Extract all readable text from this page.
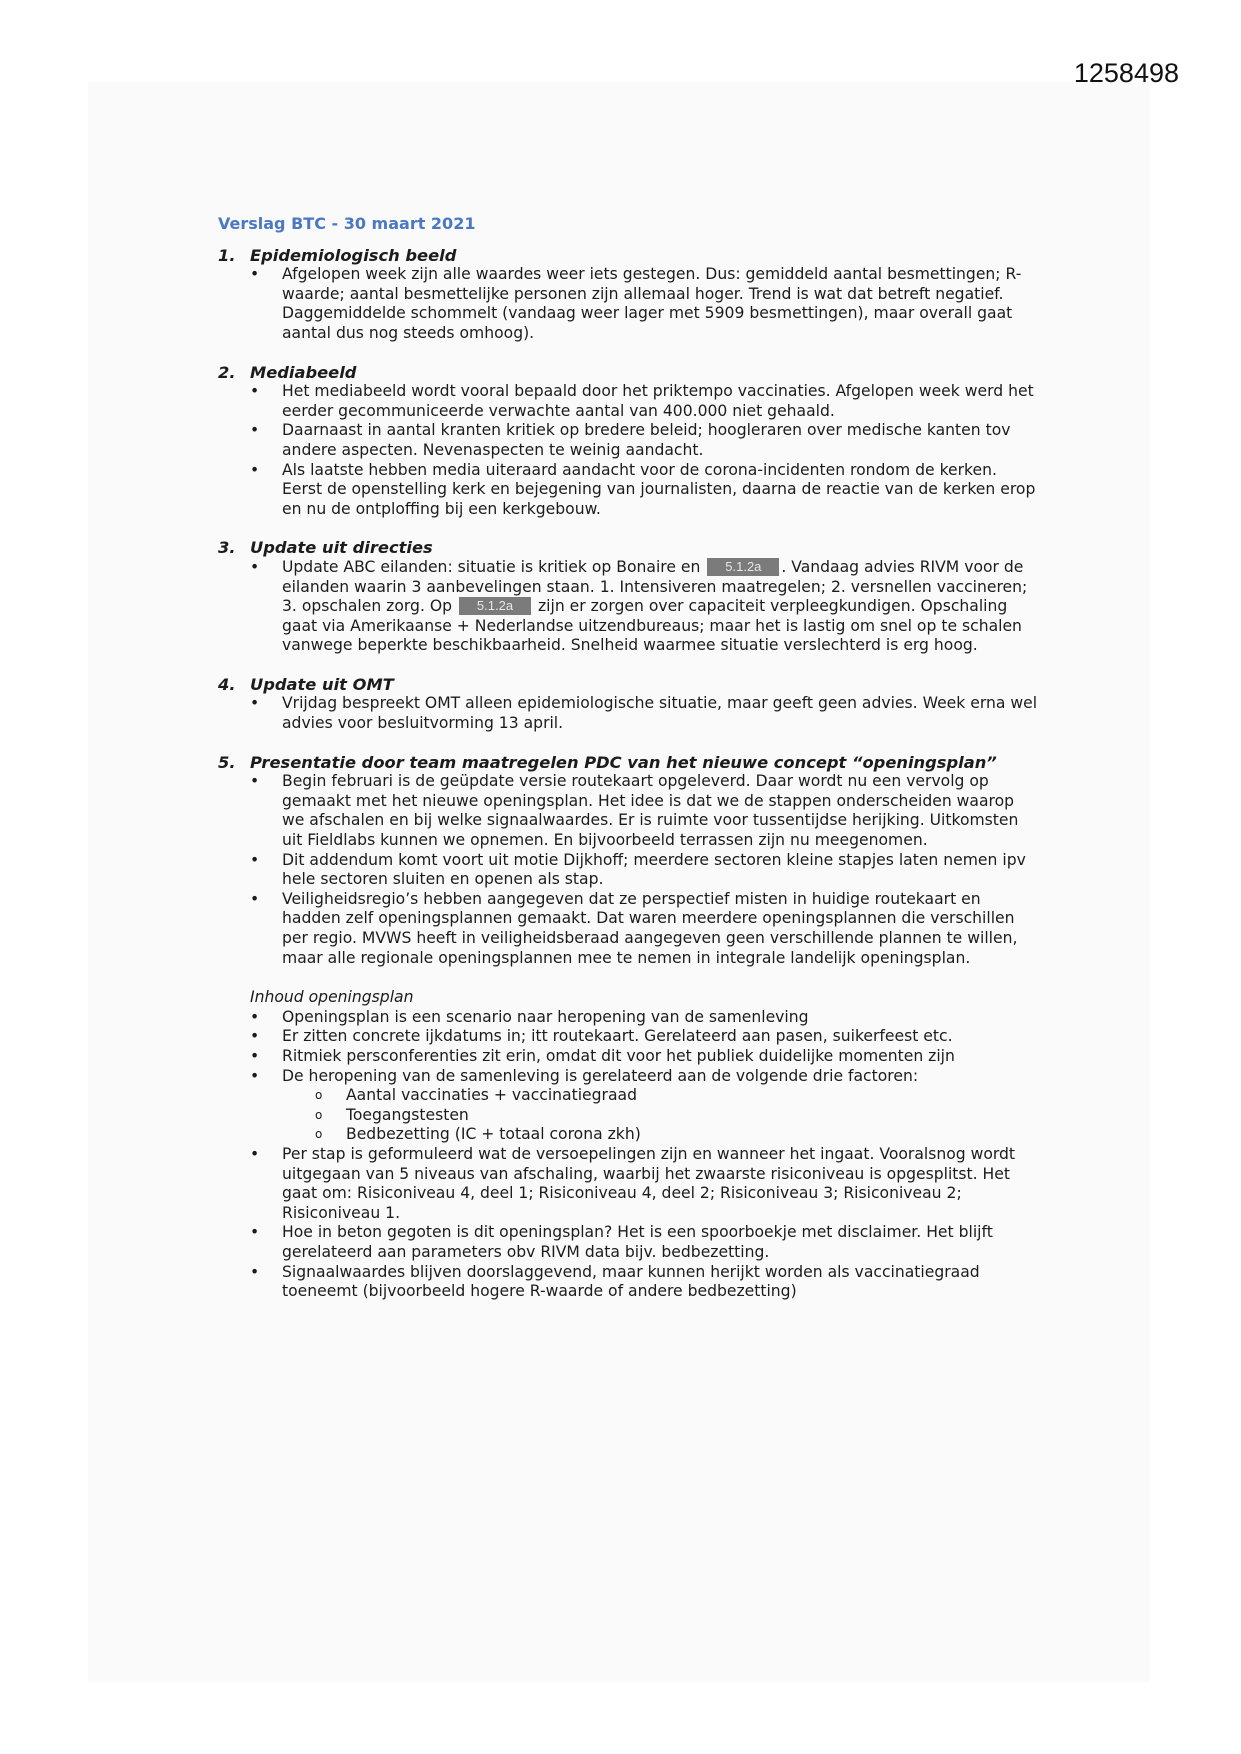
1258498
Verslag BTC - 30 maart 2021
1. Epidemiologisch beeld
• Afgelopen week zijn alle waardes weer iets gestegen. Dus: gemiddeld aantal besmettingen; R-waarde; aantal besmettelijke personen zijn allemaal hoger. Trend is wat dat betreft negatief. Daggemiddelde schommelt (vandaag weer lager met 5909 besmettingen), maar overall gaat aantal dus nog steeds omhoog).
2. Mediabeeld
• Het mediabeeld wordt vooral bepaald door het priktempo vaccinaties. Afgelopen week werd het eerder gecommuniceerde verwachte aantal van 400.000 niet gehaald.
• Daarnaast in aantal kranten kritiek op bredere beleid; hoogleraren over medische kanten tov andere aspecten. Nevenaspecten te weinig aandacht.
• Als laatste hebben media uiteraard aandacht voor de corona-incidenten rondom de kerken. Eerst de openstelling kerk en bejegening van journalisten, daarna de reactie van de kerken erop en nu de ontploffing bij een kerkgebouw.
3. Update uit directies
• Update ABC eilanden: situatie is kritiek op Bonaire en 5.1.2a . Vandaag advies RIVM voor de eilanden waarin 3 aanbevelingen staan. 1. Intensiveren maatregelen; 2. versnellen vaccineren; 3. opschalen zorg. Op 5.1.2a zijn er zorgen over capaciteit verpleegkundigen. Opschaling gaat via Amerikaanse + Nederlandse uitzendbureaus; maar het is lastig om snel op te schalen vanwege beperkte beschikbaarheid. Snelheid waarmee situatie verslechterd is erg hoog.
4. Update uit OMT
• Vrijdag bespreekt OMT alleen epidemiologische situatie, maar geeft geen advies. Week erna wel advies voor besluitvorming 13 april.
5. Presentatie door team maatregelen PDC van het nieuwe concept “openingsplan”
• Begin februari is de geüpdate versie routekaart opgeleverd. Daar wordt nu een vervolg op gemaakt met het nieuwe openingsplan. Het idee is dat we de stappen onderscheiden waarop we afschalen en bij welke signaalwaardes. Er is ruimte voor tussentijdse herijking. Uitkomsten uit Fieldlabs kunnen we opnemen. En bijvoorbeeld terrassen zijn nu meegenomen.
• Dit addendum komt voort uit motie Dijkhoff; meerdere sectoren kleine stapjes laten nemen ipv hele sectoren sluiten en openen als stap.
• Veiligheidsregio’s hebben aangegeven dat ze perspectief misten in huidige routekaart en hadden zelf openingsplannen gemaakt. Dat waren meerdere openingsplannen die verschillen per regio. MVWS heeft in veiligheidsberaad aangegeven geen verschillende plannen te willen, maar alle regionale openingsplannen mee te nemen in integrale landelijk openingsplan.
Inhoud openingsplan
• Openingsplan is een scenario naar heropening van de samenleving
• Er zitten concrete ijkdatums in; itt routekaart. Gerelateerd aan pasen, suikerfeest etc.
• Ritmiek persconferenties zit erin, omdat dit voor het publiek duidelijke momenten zijn
• De heropening van de samenleving is gerelateerd aan de volgende drie factoren:
o Aantal vaccinaties + vaccinatiegraad
o Toegangstesten
o Bedbezetting (IC + totaal corona zkh)
• Per stap is geformuleerd wat de versoepelingen zijn en wanneer het ingaat. Vooralsnog wordt uitgegaan van 5 niveaus van afschaling, waarbij het zwaarste risiconiveau is opgesplitst. Het gaat om: Risiconiveau 4, deel 1; Risiconiveau 4, deel 2; Risiconiveau 3; Risiconiveau 2; Risiconiveau 1.
• Hoe in beton gegoten is dit openingsplan? Het is een spoorboekje met disclaimer. Het blijft gerelateerd aan parameters obv RIVM data bijv. bedbezetting.
• Signaalwaardes blijven doorslaggevend, maar kunnen herijkt worden als vaccinatiegraad toeneemt (bijvoorbeeld hogere R-waarde of andere bedbezetting)
